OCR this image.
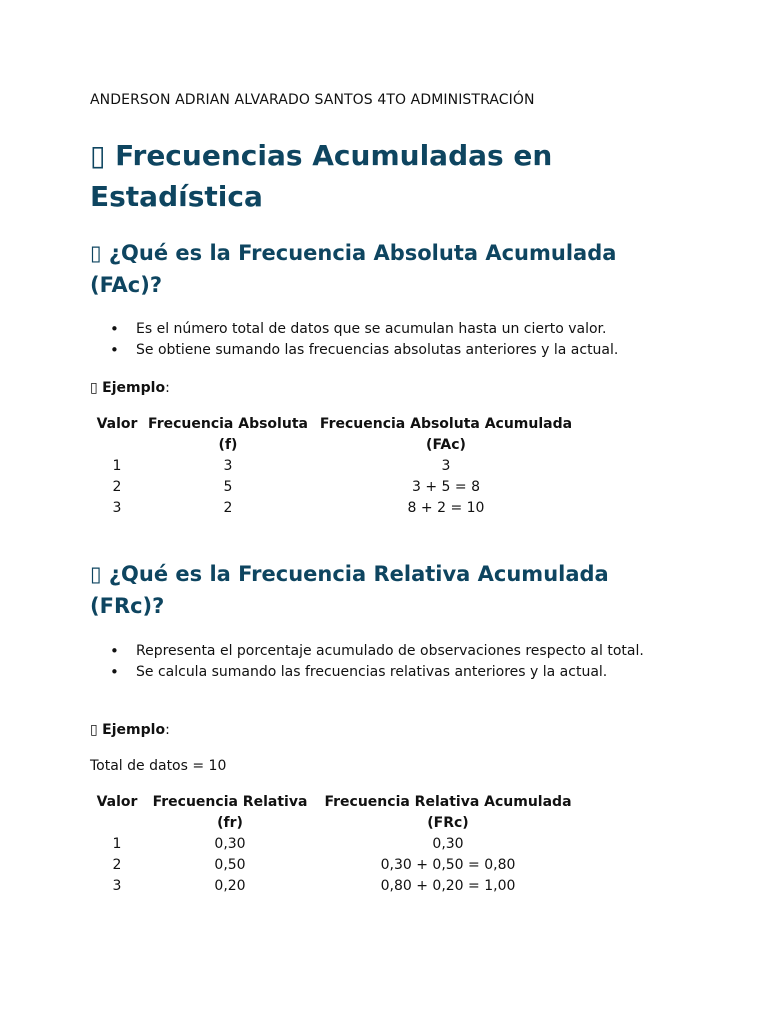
ANDERSON ADRIAN ALVARADO SANTOS 4TO ADMINISTRACIÓN
▯ Frecuencias Acumuladas en Estadística
▯ ¿Qué es la Frecuencia Absoluta Acumulada (FAc)?
• Es el número total de datos que se acumulan hasta un cierto valor.
• Se obtiene sumando las frecuencias absolutas anteriores y la actual.
▯ Ejemplo:
Valor	Frecuencia Absoluta (f)	Frecuencia Absoluta Acumulada (FAc)
1	3	3
2	5	3 + 5 = 8
3	2	8 + 2 = 10
▯ ¿Qué es la Frecuencia Relativa Acumulada (FRc)?
• Representa el porcentaje acumulado de observaciones respecto al total.
• Se calcula sumando las frecuencias relativas anteriores y la actual.
▯ Ejemplo:
Total de datos = 10
Valor	Frecuencia Relativa (fr)	Frecuencia Relativa Acumulada (FRc)
1	0,30	0,30
2	0,50	0,30 + 0,50 = 0,80
3	0,20	0,80 + 0,20 = 1,00
